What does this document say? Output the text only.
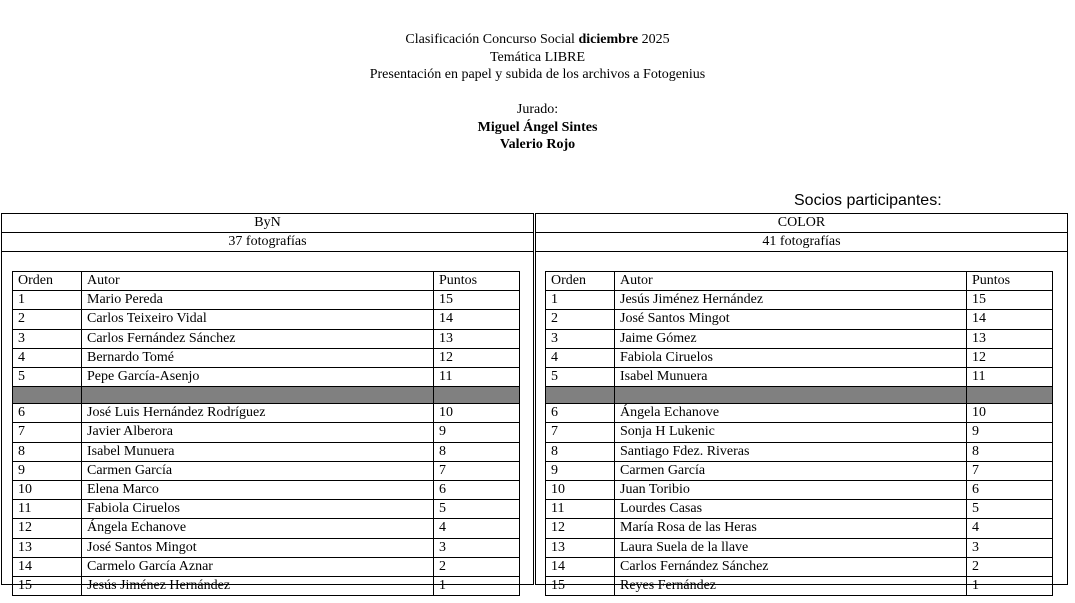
Clasificación Concurso Social diciembre 2025
Temática LIBRE
Presentación en papel y subida de los archivos a Fotogenius
Jurado:
Miguel Ángel Sintes
Valerio Rojo
Socios participantes:
ByN
37 fotografías
Orden	Autor	Puntos
1	Mario Pereda	15
2	Carlos Teixeiro Vidal	14
3	Carlos Fernández Sánchez	13
4	Bernardo Tomé	12
5	Pepe García-Asenjo	11

6	José Luis Hernández Rodríguez	10
7	Javier Alberora	9
8	Isabel Munuera	8
9	Carmen García	7
10	Elena Marco	6
11	Fabiola Ciruelos	5
12	Ángela Echanove	4
13	José Santos Mingot	3
14	Carmelo García Aznar	2
15	Jesús Jiménez Hernández	1
COLOR
41 fotografías
Orden	Autor	Puntos
1	Jesús Jiménez Hernández	15
2	José Santos Mingot	14
3	Jaime Gómez	13
4	Fabiola Ciruelos	12
5	Isabel Munuera	11

6	Ángela Echanove	10
7	Sonja H Lukenic	9
8	Santiago Fdez. Riveras	8
9	Carmen García	7
10	Juan Toribio	6
11	Lourdes Casas	5
12	María Rosa de las Heras	4
13	Laura Suela de la llave	3
14	Carlos Fernández Sánchez	2
15	Reyes Fernández	1
